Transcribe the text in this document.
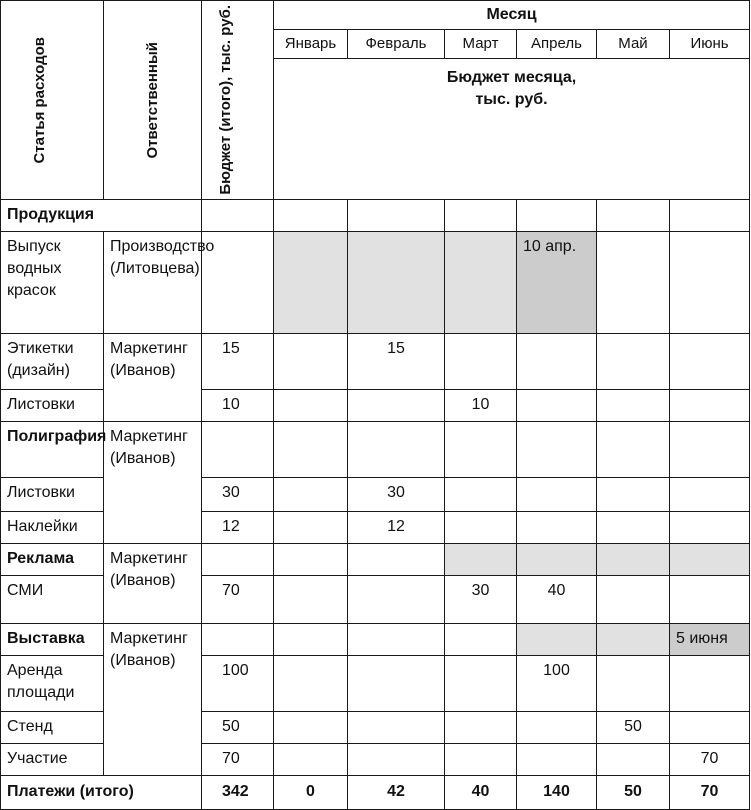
Статья расходов	Ответственный	Бюджет (итого), тыс. руб.	Месяц					
			Январь	Февраль	Март	Апрель	Май	Июнь

			Бюджет месяца,
тыс. руб.					

Продукция								
Выпуск водных красок	Производство (Литовцева)					10 апр.		
Этикетки (дизайн)	Маркетинг (Иванов)	15		15				
Листовки		10			10			
Полиграфия	Маркетинг (Иванов)							
Листовки		30		30				
Наклейки		12		12				
Реклама	Маркетинг (Иванов)							
СМИ		70			30	40		
Выставка	Маркетинг (Иванов)							5 июня
Аренда площади		100				100		
Стенд		50					50	
Участие		70						70
Платежи (итого)		342	0	42	40	140	50	70
